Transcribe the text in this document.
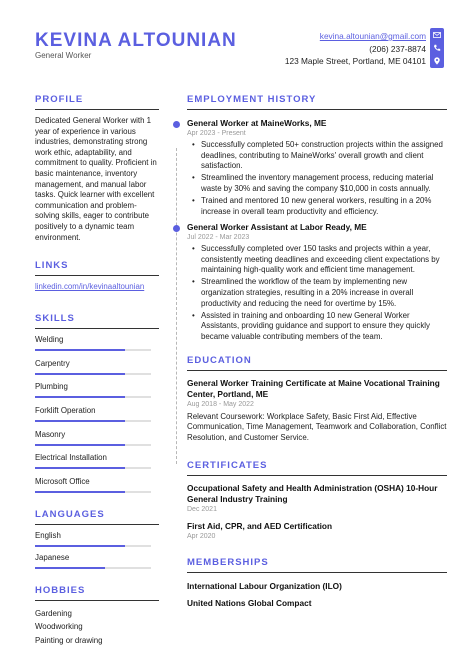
KEVINA ALTOUNIAN
General Worker
kevina.altounian@gmail.com
(206) 237-8874
123 Maple Street, Portland, ME 04101
PROFILE
Dedicated General Worker with 1 year of experience in various industries, demonstrating strong work ethic, adaptability, and commitment to quality. Proficient in basic maintenance, inventory management, and manual labor tasks. Quick learner with excellent communication and problem-solving skills, eager to contribute positively to a dynamic team environment.
LINKS
linkedin.com/in/kevinaaltounian
SKILLS
Welding
Carpentry
Plumbing
Forklift Operation
Masonry
Electrical Installation
Microsoft Office
LANGUAGES
English
Japanese
HOBBIES
Gardening
Woodworking
Painting or drawing
EMPLOYMENT HISTORY
General Worker at MaineWorks, ME
Apr 2023 - Present
• Successfully completed 50+ construction projects within the assigned deadlines, contributing to MaineWorks' overall growth and client satisfaction.
• Streamlined the inventory management process, reducing material waste by 30% and saving the company $10,000 in costs annually.
• Trained and mentored 10 new general workers, resulting in a 20% increase in overall team productivity and efficiency.
General Worker Assistant at Labor Ready, ME
Jul 2022 - Mar 2023
• Successfully completed over 150 tasks and projects within a year, consistently meeting deadlines and exceeding client expectations by maintaining high-quality work and efficient time management.
• Streamlined the workflow of the team by implementing new organization strategies, resulting in a 20% increase in overall productivity and reducing the need for overtime by 15%.
• Assisted in training and onboarding 10 new General Worker Assistants, providing guidance and support to ensure they quickly became valuable contributing members of the team.
EDUCATION
General Worker Training Certificate at Maine Vocational Training Center, Portland, ME
Aug 2018 - May 2022
Relevant Coursework: Workplace Safety, Basic First Aid, Effective Communication, Time Management, Teamwork and Collaboration, Conflict Resolution, and Customer Service.
CERTIFICATES
Occupational Safety and Health Administration (OSHA) 10-Hour General Industry Training
Dec 2021
First Aid, CPR, and AED Certification
Apr 2020
MEMBERSHIPS
International Labour Organization (ILO)
United Nations Global Compact
